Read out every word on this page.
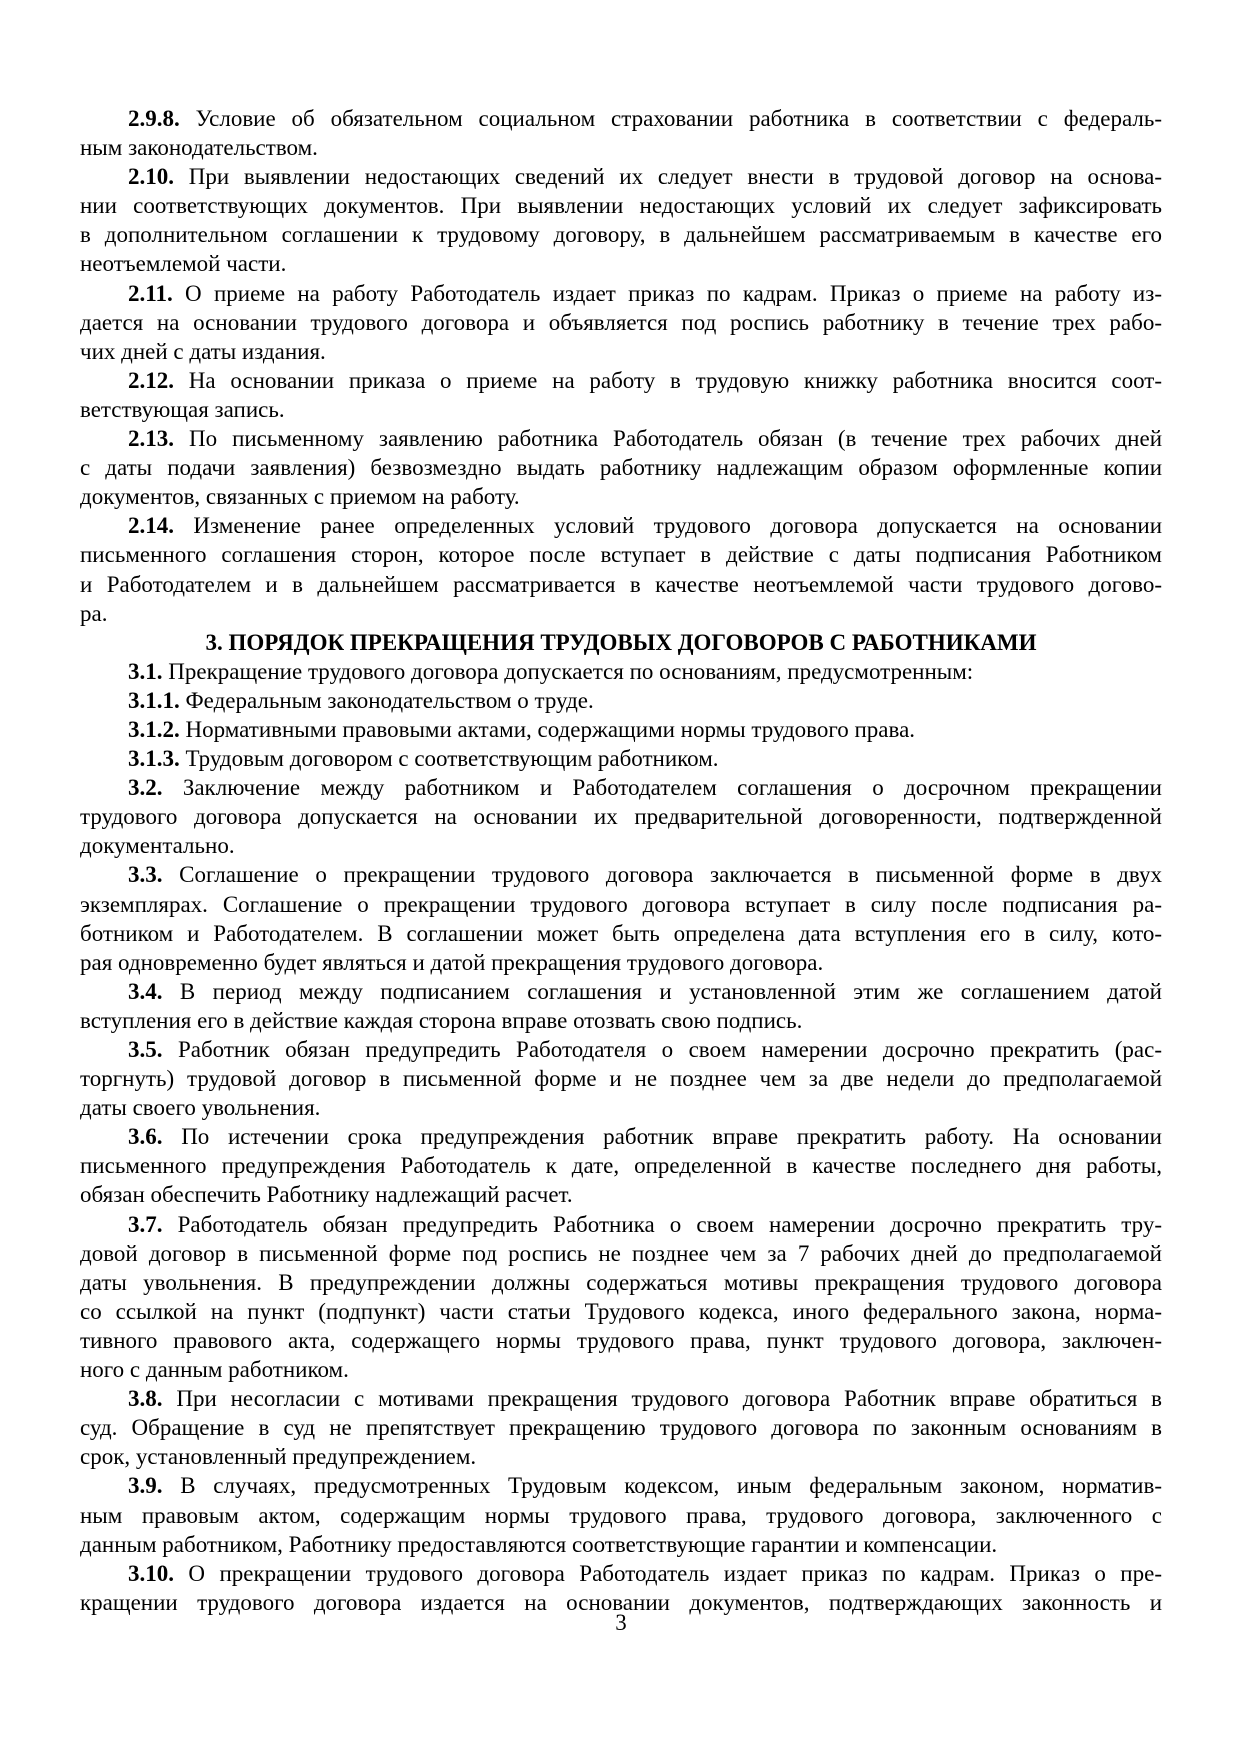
2.9.8. Условие об обязательном социальном страховании работника в соответствии с федераль-
ным законодательством.
2.10. При выявлении недостающих сведений их следует внести в трудовой договор на основа-
нии соответствующих документов. При выявлении недостающих условий их следует зафиксировать
в дополнительном соглашении к трудовому договору, в дальнейшем рассматриваемым в качестве его
неотъемлемой части.
2.11. О приеме на работу Работодатель издает приказ по кадрам. Приказ о приеме на работу из-
дается на основании трудового договора и объявляется под роспись работнику в течение трех рабо-
чих дней с даты издания.
2.12. На основании приказа о приеме на работу в трудовую книжку работника вносится соот-
ветствующая запись.
2.13. По письменному заявлению работника Работодатель обязан (в течение трех рабочих дней
с даты подачи заявления) безвозмездно выдать работнику надлежащим образом оформленные копии
документов, связанных с приемом на работу.
2.14. Изменение ранее определенных условий трудового договора допускается на основании
письменного соглашения сторон, которое после вступает в действие с даты подписания Работником
и Работодателем и в дальнейшем рассматривается в качестве неотъемлемой части трудового догово-
ра.
3. ПОРЯДОК ПРЕКРАЩЕНИЯ ТРУДОВЫХ ДОГОВОРОВ С РАБОТНИКАМИ
3.1. Прекращение трудового договора допускается по основаниям, предусмотренным:
3.1.1. Федеральным законодательством о труде.
3.1.2. Нормативными правовыми актами, содержащими нормы трудового права.
3.1.3. Трудовым договором с соответствующим работником.
3.2. Заключение между работником и Работодателем соглашения о досрочном прекращении
трудового договора допускается на основании их предварительной договоренности, подтвержденной
документально.
3.3. Соглашение о прекращении трудового договора заключается в письменной форме в двух
экземплярах. Соглашение о прекращении трудового договора вступает в силу после подписания ра-
ботником и Работодателем. В соглашении может быть определена дата вступления его в силу, кото-
рая одновременно будет являться и датой прекращения трудового договора.
3.4. В период между подписанием соглашения и установленной этим же соглашением датой
вступления его в действие каждая сторона вправе отозвать свою подпись.
3.5. Работник обязан предупредить Работодателя о своем намерении досрочно прекратить (рас-
торгнуть) трудовой договор в письменной форме и не позднее чем за две недели до предполагаемой
даты своего увольнения.
3.6. По истечении срока предупреждения работник вправе прекратить работу. На основании
письменного предупреждения Работодатель к дате, определенной в качестве последнего дня работы,
обязан обеспечить Работнику надлежащий расчет.
3.7. Работодатель обязан предупредить Работника о своем намерении досрочно прекратить тру-
довой договор в письменной форме под роспись не позднее чем за 7 рабочих дней до предполагаемой
даты увольнения. В предупреждении должны содержаться мотивы прекращения трудового договора
со ссылкой на пункт (подпункт) части статьи Трудового кодекса, иного федерального закона, норма-
тивного правового акта, содержащего нормы трудового права, пункт трудового договора, заключен-
ного с данным работником.
3.8. При несогласии с мотивами прекращения трудового договора Работник вправе обратиться в
суд. Обращение в суд не препятствует прекращению трудового договора по законным основаниям в
срок, установленный предупреждением.
3.9. В случаях, предусмотренных Трудовым кодексом, иным федеральным законом, норматив-
ным правовым актом, содержащим нормы трудового права, трудового договора, заключенного с
данным работником, Работнику предоставляются соответствующие гарантии и компенсации.
3.10. О прекращении трудового договора Работодатель издает приказ по кадрам. Приказ о пре-
кращении трудового договора издается на основании документов, подтверждающих законность и
3
